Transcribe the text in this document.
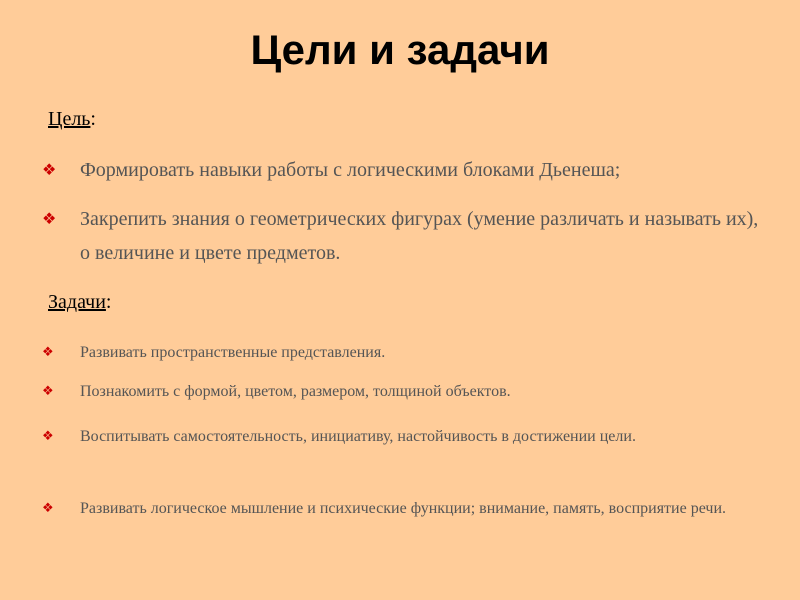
Цели и задачи
Цель:
❖ Формировать навыки работы с логическими блоками Дьенеша;
❖ Закрепить знания о геометрических фигурах (умение различать и называть их), о величине и цвете предметов.
Задачи:
❖ Развивать пространственные представления.
❖ Познакомить с формой, цветом, размером, толщиной объектов.
❖ Воспитывать самостоятельность, инициативу, настойчивость в достижении цели.
❖ Развивать логическое мышление и психические функции; внимание, память, восприятие речи.
